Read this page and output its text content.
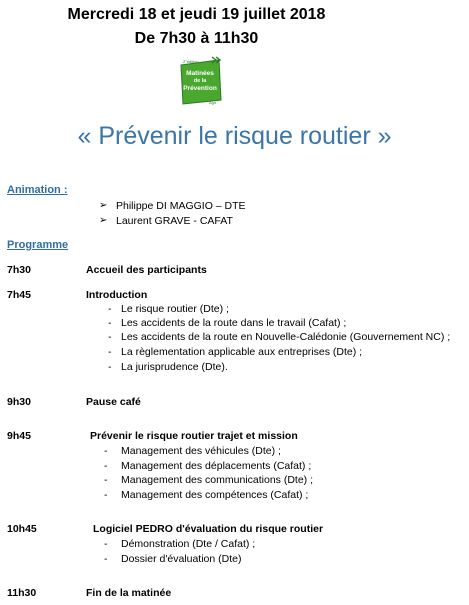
Mercredi 18 et jeudi 19 juillet 2018
De 7h30 à 11h30
2°édition
Matinées
de la
Prévention
Agir
« Prévenir le risque routier »
Animation :
➢ Philippe DI MAGGIO – DTE
➢ Laurent GRAVE - CAFAT
Programme
7h30	Accueil des participants
7h45	Introduction
- Le risque routier (Dte) ;
- Les accidents de la route dans le travail (Cafat) ;
- Les accidents de la route en Nouvelle-Calédonie (Gouvernement NC) ;
- La règlementation applicable aux entreprises (Dte) ;
- La jurisprudence (Dte).
9h30	Pause café
9h45	Prévenir le risque routier trajet et mission
- Management des véhicules (Dte) ;
- Management des déplacements (Cafat) ;
- Management des communications (Dte) ;
- Management des compétences (Cafat) ;
10h45	Logiciel PEDRO d'évaluation du risque routier
- Démonstration (Dte / Cafat) ;
- Dossier d'évaluation (Dte)
11h30	Fin de la matinée
